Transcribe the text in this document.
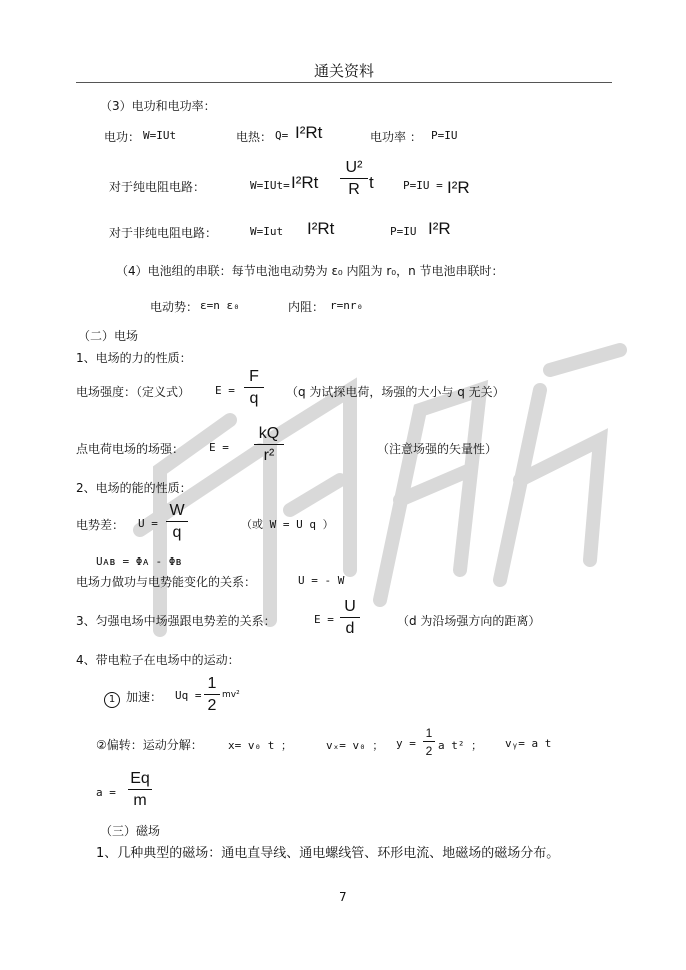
通关资料
（3）电功和电功率：
电功： W=IUt	电热： Q= I²Rt	电功率 ： P=IU
对于纯电阻电路：	W=IUt= I²Rt
U²
R t	P=IU = I²R
对于非纯电阻电路：	W=Iut I²Rt	P=IU I²R
（4）电池组的串联：每节电池电动势为 ε₀ 内阻为 r₀，n 节电池串联时：
电动势： ε=n ε₀	内阻： r=nr₀
（二）电场
1、电场的力的性质：
电场强度：（定义式） E =
F
q	（q 为试探电荷，场强的大小与 q 无关）
点电荷电场的场强： E =
kQ
r²	（注意场强的矢量性）
2、电场的能的性质：
电势差： U =
W
q	（或 W = U q ）
Uᴀʙ = Φᴀ - Φʙ
电场力做功与电势能变化的关系：	U = - W
3、匀强电场中场强跟电势差的关系：	E =
U
d	（d 为沿场强方向的距离）
4、带电粒子在电场中的运动：
1 加速： Uq =
1
2
mv²
②偏转：运动分解： x= v₀ t ；	vₓ= v₀ ； y =
1
2 a t² ； vᵧ= a t
a =
Eq
m
（三）磁场
1、几种典型的磁场：通电直导线、通电螺线管、环形电流、地磁场的磁场分布。
7
